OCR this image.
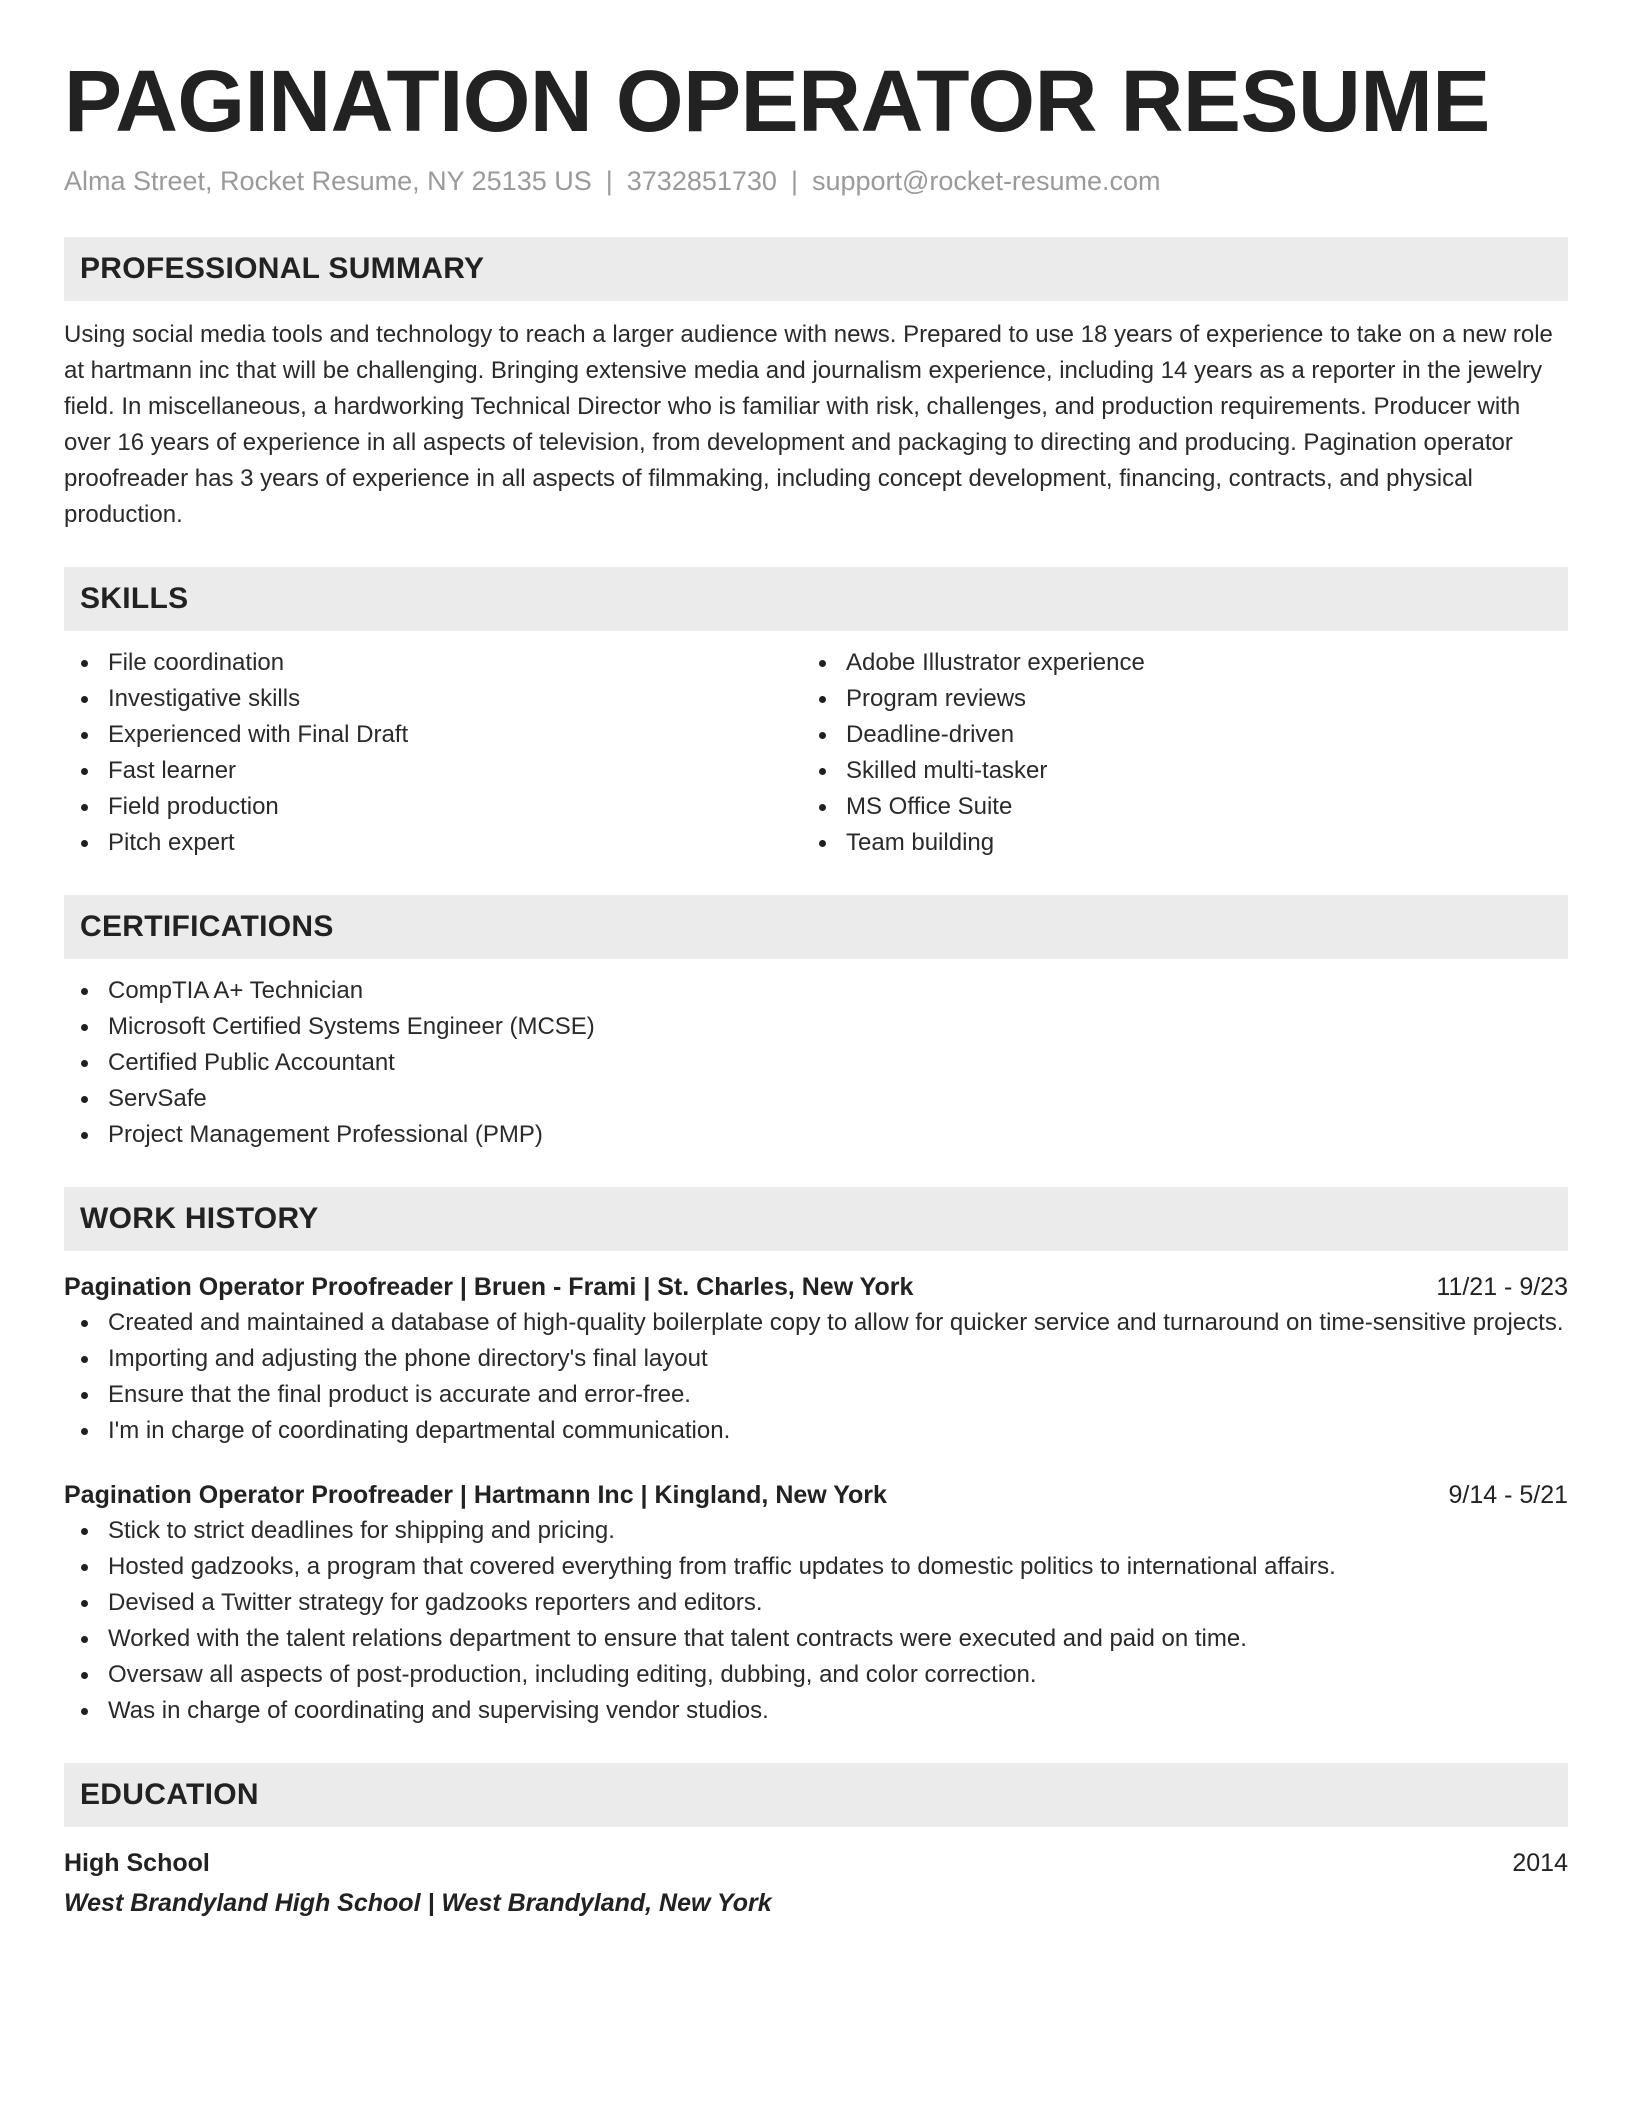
PAGINATION OPERATOR RESUME
Alma Street, Rocket Resume, NY 25135 US | 3732851730 | support@rocket-resume.com
PROFESSIONAL SUMMARY

Using social media tools and technology to reach a larger audience with news. Prepared to use 18 years of experience to take on a new role at hartmann inc that will be challenging. Bringing extensive media and journalism experience, including 14 years as a reporter in the jewelry field. In miscellaneous, a hardworking Technical Director who is familiar with risk, challenges, and production requirements. Producer with over 16 years of experience in all aspects of television, from development and packaging to directing and producing. Pagination operator proofreader has 3 years of experience in all aspects of filmmaking, including concept development, financing, contracts, and physical production.

SKILLS
File coordination
Investigative skills
Experienced with Final Draft
Fast learner
Field production
Pitch expert
Adobe Illustrator experience
Program reviews
Deadline-driven
Skilled multi-tasker
MS Office Suite
Team building
CERTIFICATIONS
CompTIA A+ Technician
Microsoft Certified Systems Engineer (MCSE)
Certified Public Accountant
ServSafe
Project Management Professional (PMP)
WORK HISTORY
Pagination Operator Proofreader | Bruen - Frami | St. Charles, New York	11/21 - 9/23
Created and maintained a database of high-quality boilerplate copy to allow for quicker service and turnaround on time-sensitive projects.
Importing and adjusting the phone directory's final layout
Ensure that the final product is accurate and error-free.
I'm in charge of coordinating departmental communication.
Pagination Operator Proofreader | Hartmann Inc | Kingland, New York	9/14 - 5/21
Stick to strict deadlines for shipping and pricing.
Hosted gadzooks, a program that covered everything from traffic updates to domestic politics to international affairs.
Devised a Twitter strategy for gadzooks reporters and editors.
Worked with the talent relations department to ensure that talent contracts were executed and paid on time.
Oversaw all aspects of post-production, including editing, dubbing, and color correction.
Was in charge of coordinating and supervising vendor studios.
EDUCATION
High School	2014
West Brandyland High School | West Brandyland, New York
